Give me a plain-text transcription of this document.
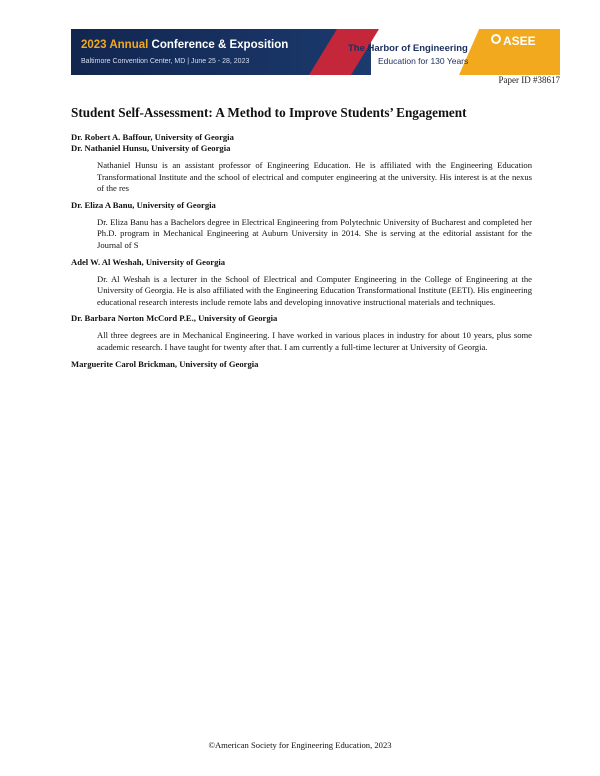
2023 Annual Conference & Exposition

Baltimore Convention Center, MD | June 25 - 28, 2023

The Harbor of Engineering
Education for 130 Years
ASEE
Paper ID #38617
Student Self-Assessment: A Method to Improve Students’ Engagement

Dr. Robert A. Baffour, University of Georgia

Dr. Nathaniel Hunsu, University of Georgia

Nathaniel Hunsu is an assistant professor of Engineering Education. He is affiliated with the Engineering Education Transformational Institute and the school of electrical and computer engineering at the university. His interest is at the nexus of the res

Dr. Eliza A Banu, University of Georgia

Dr. Eliza Banu has a Bachelors degree in Electrical Engineering from Polytechnic University of Bucharest and completed her Ph.D. program in Mechanical Engineering at Auburn University in 2014. She is serving at the editorial assistant for the Journal of S

Adel W. Al Weshah, University of Georgia

Dr. Al Weshah is a lecturer in the School of Electrical and Computer Engineering in the College of Engineering at the University of Georgia. He is also affiliated with the Engineering Education Transformational Institute (EETI). His engineering educational research interests include remote labs and developing innovative instructional materials and techniques.

Dr. Barbara Norton McCord P.E., University of Georgia

All three degrees are in Mechanical Engineering. I have worked in various places in industry for about 10 years, plus some academic research. I have taught for twenty after that. I am currently a full-time lecturer at University of Georgia.

Marguerite Carol Brickman, University of Georgia

©American Society for Engineering Education, 2023
